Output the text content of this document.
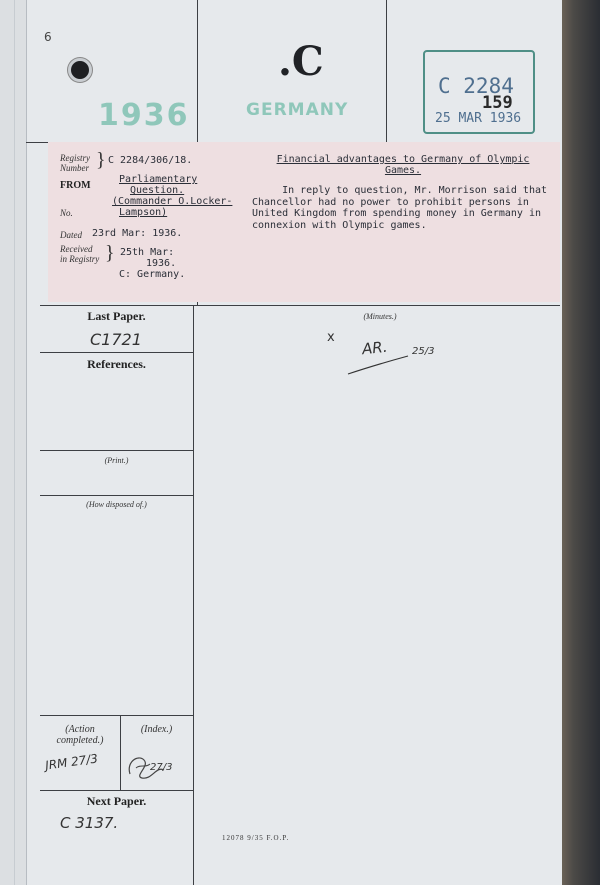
6
1936	GERMANY
.C
C 2284
159
25 MAR 1936
Registry
Number } C 2284/306/18.
FROM
Parliamentary
Question.
(Commander O.Locker-
No.	Lampson)
Dated 23rd Mar: 1936.
Received
in Registry } 25th Mar:
1936.
C: Germany.
Financial advantages to Germany of Olympic
Games.
In reply to question, Mr. Morrison said that
Chancellor had no power to prohibit persons in
United Kingdom from spending money in Germany in
connexion with Olympic games.
Last Paper.
C1721
References.
(Print.)
(How disposed of.)
(Action
completed.)
(Index.)
JRM 27/3	27/3
Next Paper.
C 3137.
(Minutes.)
x
AR. 25/3
12078 9/35 F.O.P.
